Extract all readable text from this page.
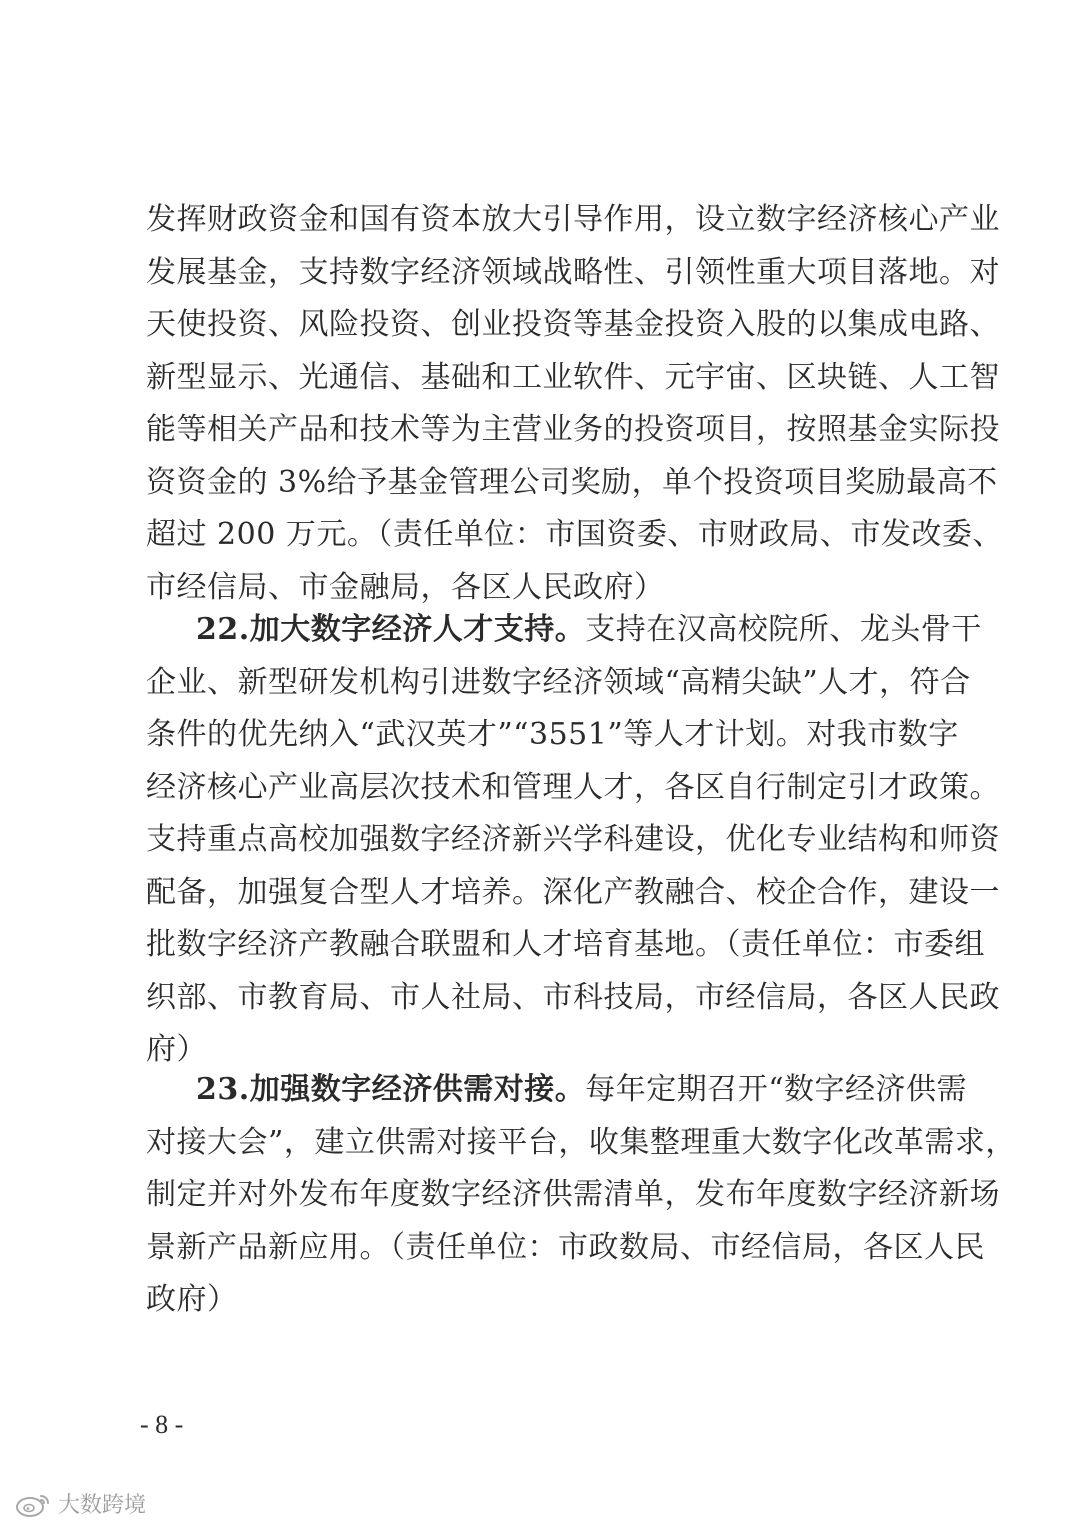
发挥财政资金和国有资本放大引导作用，设立数字经济核心产业
发展基金，支持数字经济领域战略性、引领性重大项目落地。对
天使投资、风险投资、创业投资等基金投资入股的以集成电路、
新型显示、光通信、基础和工业软件、元宇宙、区块链、人工智
能等相关产品和技术等为主营业务的投资项目，按照基金实际投
资资金的 3%给予基金管理公司奖励，单个投资项目奖励最高不
超过 200 万元。（责任单位：市国资委、市财政局、市发改委、
市经信局、市金融局，各区人民政府）
22.加大数字经济人才支持。支持在汉高校院所、龙头骨干
企业、新型研发机构引进数字经济领域“高精尖缺”人才，符合
条件的优先纳入“武汉英才”“3551”等人才计划。对我市数字
经济核心产业高层次技术和管理人才，各区自行制定引才政策。
支持重点高校加强数字经济新兴学科建设，优化专业结构和师资
配备，加强复合型人才培养。深化产教融合、校企合作，建设一
批数字经济产教融合联盟和人才培育基地。（责任单位：市委组
织部、市教育局、市人社局、市科技局，市经信局，各区人民政
府）
23.加强数字经济供需对接。每年定期召开“数字经济供需
对接大会”，建立供需对接平台，收集整理重大数字化改革需求，
制定并对外发布年度数字经济供需清单，发布年度数字经济新场
景新产品新应用。（责任单位：市政数局、市经信局，各区人民
政府）
- 8 -
大数跨境
